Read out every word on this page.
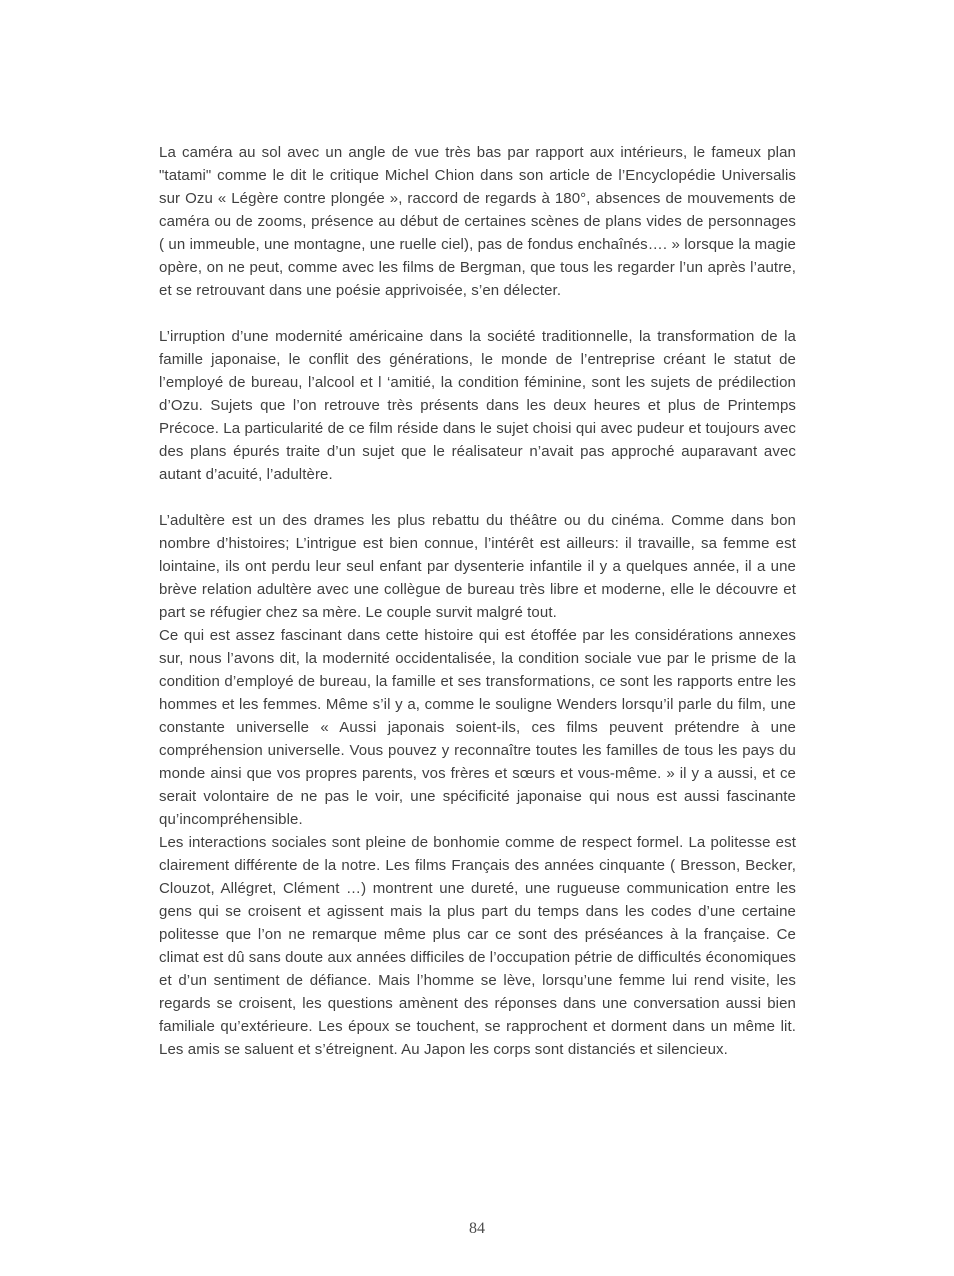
La caméra au sol avec un angle de vue très bas par rapport aux intérieurs, le fameux plan "tatami" comme le dit le critique Michel Chion dans son article de l’Encyclopédie Universalis sur Ozu « Légère contre plongée », raccord de regards à 180°, absences de mouvements de caméra ou de zooms, présence au début de certaines scènes de plans vides de personnages ( un immeuble, une montagne, une ruelle ciel), pas de fondus enchaînés…. » lorsque la magie opère, on ne peut, comme avec les films de Bergman, que tous les regarder l’un après l’autre, et se retrouvant dans une poésie apprivoisée, s’en délecter.

L’irruption d’une modernité américaine dans la société traditionnelle, la transformation de la famille japonaise, le conflit des générations, le monde de l’entreprise créant le statut de l’employé de bureau, l’alcool et l ‘amitié, la condition féminine, sont les sujets de prédilection d’Ozu. Sujets que l’on retrouve très présents dans les deux heures et plus de Printemps Précoce. La particularité de ce film réside dans le sujet choisi qui avec pudeur et toujours avec des plans épurés traite d’un sujet que le réalisateur n’avait pas approché auparavant avec autant d’acuité, l’adultère.

L’adultère est un des drames les plus rebattu du théâtre ou du cinéma. Comme dans bon nombre d’histoires; L’intrigue est bien connue, l’intérêt est ailleurs: il travaille, sa femme est lointaine, ils ont perdu leur seul enfant par dysenterie infantile il y a quelques année, il a une brève relation adultère avec une collègue de bureau très libre et moderne, elle le découvre et part se réfugier chez sa mère. Le couple survit malgré tout.

Ce qui est assez fascinant dans cette histoire qui est étoffée par les considérations annexes sur, nous l’avons dit, la modernité occidentalisée, la condition sociale vue par le prisme de la condition d’employé de bureau, la famille et ses transformations, ce sont les rapports entre les hommes et les femmes. Même s’il y a, comme le souligne Wenders lorsqu’il parle du film, une constante universelle « Aussi japonais soient-ils, ces films peuvent prétendre à une compréhension universelle. Vous pouvez y reconnaître toutes les familles de tous les pays du monde ainsi que vos propres parents, vos frères et sœurs et vous-même. » il y a aussi, et ce serait volontaire de ne pas le voir, une spécificité japonaise qui nous est aussi fascinante qu’incompréhensible.

Les interactions sociales sont pleine de bonhomie comme de respect formel. La politesse est clairement différente de la notre. Les films Français des années cinquante ( Bresson, Becker, Clouzot, Allégret, Clément …) montrent une dureté, une rugueuse communication entre les gens qui se croisent et agissent mais la plus part du temps dans les codes d’une certaine politesse que l’on ne remarque même plus car ce sont des préséances à la française. Ce climat est dû sans doute aux années difficiles de l’occupation pétrie de difficultés économiques et d’un sentiment de défiance. Mais l’homme se lève, lorsqu’une femme lui rend visite, les regards se croisent, les questions amènent des réponses dans une conversation aussi bien familiale qu’extérieure. Les époux se touchent, se rapprochent et dorment dans un même lit. Les amis se saluent et s’étreignent. Au Japon les corps sont distanciés et silencieux.

84
